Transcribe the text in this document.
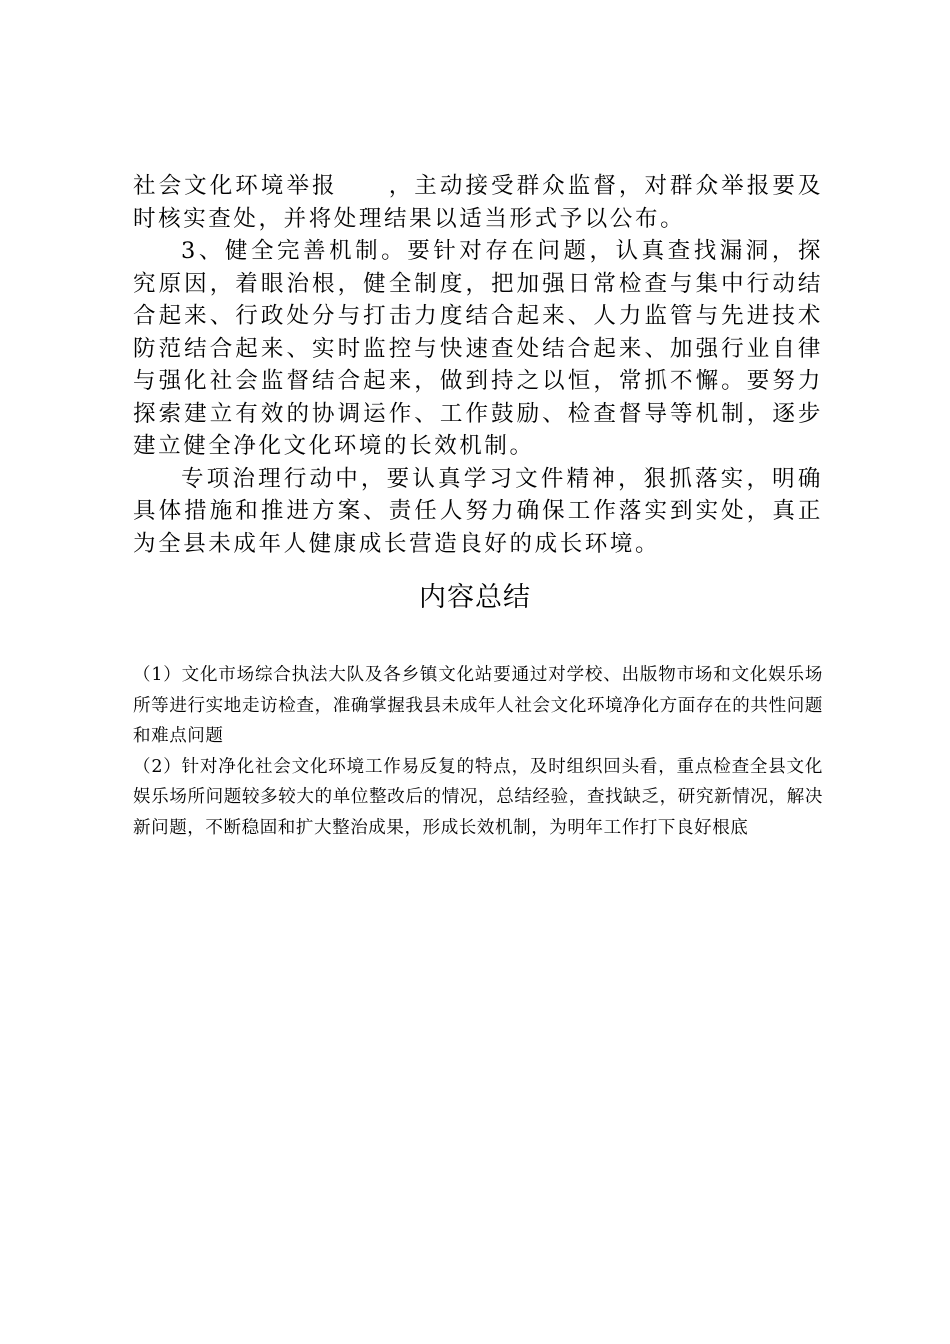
社会文化环境举报　　，主动接受群众监督，对群众举报要及时核实查处，并将处理结果以适当形式予以公布。

3、健全完善机制。要针对存在问题，认真查找漏洞，探究原因，着眼治根，健全制度，把加强日常检查与集中行动结合起来、行政处分与打击力度结合起来、人力监管与先进技术防范结合起来、实时监控与快速查处结合起来、加强行业自律与强化社会监督结合起来，做到持之以恒，常抓不懈。要努力探索建立有效的协调运作、工作鼓励、检查督导等机制，逐步建立健全净化文化环境的长效机制。

专项治理行动中，要认真学习文件精神，狠抓落实，明确具体措施和推进方案、责任人努力确保工作落实到实处，真正为全县未成年人健康成长营造良好的成长环境。

内容总结

（1）文化市场综合执法大队及各乡镇文化站要通过对学校、出版物市场和文化娱乐场所等进行实地走访检查，准确掌握我县未成年人社会文化环境净化方面存在的共性问题和难点问题

（2）针对净化社会文化环境工作易反复的特点，及时组织回头看，重点检查全县文化娱乐场所问题较多较大的单位整改后的情况，总结经验，查找缺乏，研究新情况，解决新问题，不断稳固和扩大整治成果，形成长效机制，为明年工作打下良好根底
